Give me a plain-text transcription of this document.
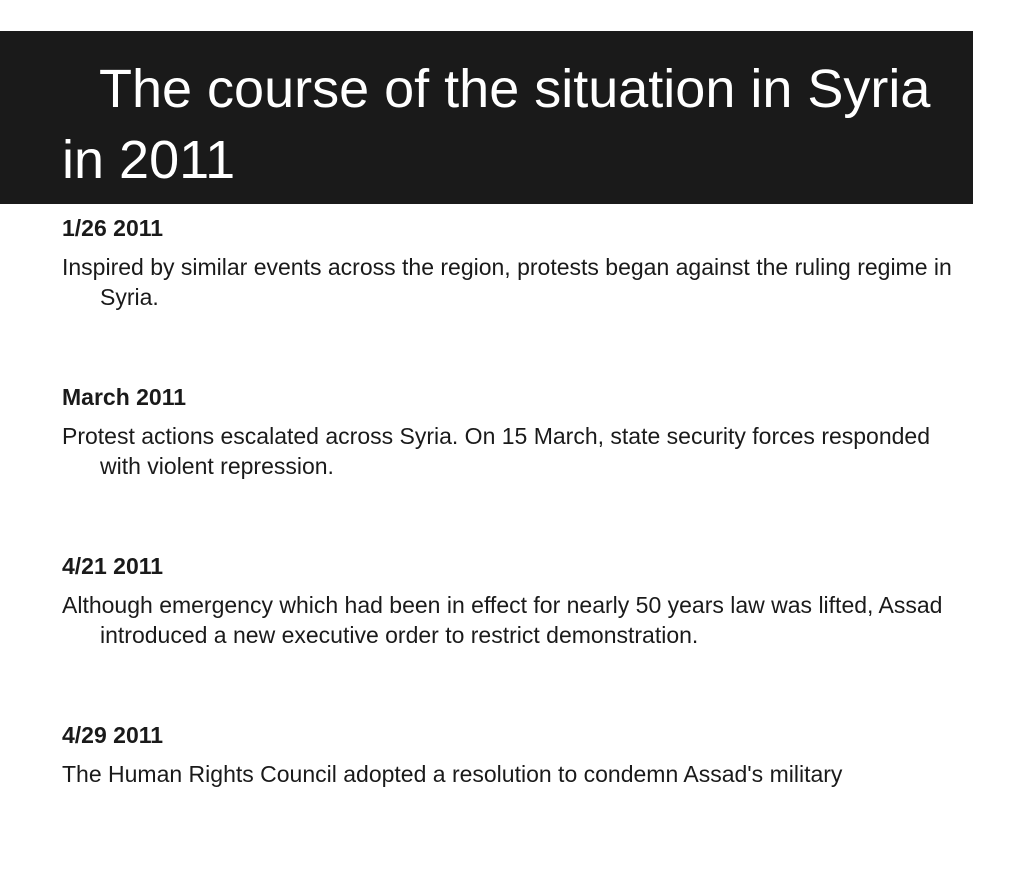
The course of the situation in Syria in 2011

1/26 2011

Inspired by similar events across the region, protests began against the ruling regime in Syria.

March 2011

Protest actions escalated across Syria. On 15 March, state security forces responded with violent repression.

4/21 2011

Although emergency which had been in effect for nearly 50 years law was lifted, Assad introduced a new executive order to restrict demonstration.

4/29 2011

The Human Rights Council adopted a resolution to condemn Assad's military
